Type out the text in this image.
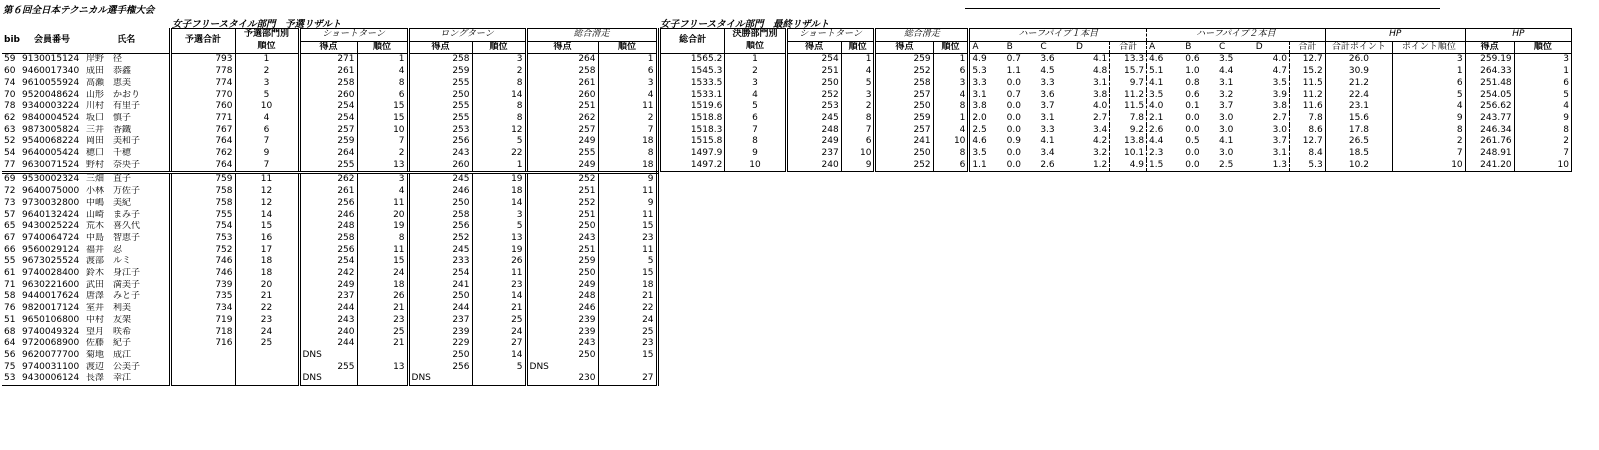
第６回全日本テクニカル選手権大会
女子フリースタイル部門　予選リザルト	女子フリースタイル部門　最終リザルト
bib	会員番号	氏名	予選合計	予選部門別	ショートターン		ロングターン		総合滑走	
				順位	得点	順位	得点	順位	得点	順位
59	9130015124	岸野　径	793	1	271	1	258	3	264	1
60	9460017340	成田　恭鑫	778	2	261	4	259	2	258	6
74	9610055924	高瀬　恵美	774	3	258	8	255	8	261	3
70	9520048624	山形　かおり	770	5	260	6	250	14	260	4
78	9340003224	川村　有里子	760	10	254	15	255	8	251	11
62	9840004524	坂口　慎子	771	4	254	15	255	8	262	2
63	9873005824	三井　香鐵	767	6	257	10	253	12	257	7
52	9540068224	岡田　美和子	764	7	259	7	256	5	249	18
54	9640005424	穂口　千穂	762	9	264	2	243	22	255	8
77	9630071524	野村　奈央子	764	7	255	13	260	1	249	18
69	9530002324	三畑　直子	759	11	262	3	245	19	252	9
72	9640075000	小林　万佐子	758	12	261	4	246	18	251	11
73	9730032800	中嶋　美紀	758	12	256	11	250	14	252	9
57	9640132424	山崎　まみ子	755	14	246	20	258	3	251	11
65	9430025224	荒木　喜久代	754	15	248	19	256	5	250	15
67	9740064724	中島　智恵子	753	16	258	8	252	13	243	23
66	9560029124	福井　忍	752	17	256	11	245	19	251	11
55	9673025524	渡部　ルミ	746	18	254	15	233	26	259	5
61	9740028400	鈴木　身江子	746	18	242	24	254	11	250	15
71	9630221600	武田　満美子	739	20	249	18	241	23	249	18
58	9440017624	唐澤　みと子	735	21	237	26	250	14	248	21
76	9820017124	室井　利美	734	22	244	21	244	21	246	22
51	9650106800	中村　友架	719	23	243	23	237	25	239	24
68	9740049324	望月　咲希	718	24	240	25	239	24	239	25
64	9720068900	佐藤　紀子	716	25	244	21	229	27	243	23
56	9620077700	菊地　成江			DNS		250	14	250	15
75	9740031100	渡辺　公美子			255	13	256	5	DNS	
53	9430006124	長澤　幸江			DNS		DNS		230	27
総合計	決勝部門別	ショートターン		総合滑走		ハーフパイプ１本目					ハーフパイプ２本目					HP		HP	
	順位	得点	順位	得点	順位	A	B	C	D	合計	A	B	C	D	合計	合計ポイント	ポイント順位	得点	順位
1565.2	1	254	1	259	1	4.9	0.7	3.6	4.1	13.3	4.6	0.6	3.5	4.0	12.7	26.0	3	259.19	3
1545.3	2	251	4	252	6	5.3	1.1	4.5	4.8	15.7	5.1	1.0	4.4	4.7	15.2	30.9	1	264.33	1
1533.5	3	250	5	258	3	3.3	0.0	3.3	3.1	9.7	4.1	0.8	3.1	3.5	11.5	21.2	6	251.48	6
1533.1	4	252	3	257	4	3.1	0.7	3.6	3.8	11.2	3.5	0.6	3.2	3.9	11.2	22.4	5	254.05	5
1519.6	5	253	2	250	8	3.8	0.0	3.7	4.0	11.5	4.0	0.1	3.7	3.8	11.6	23.1	4	256.62	4
1518.8	6	245	8	259	1	2.0	0.0	3.1	2.7	7.8	2.1	0.0	3.0	2.7	7.8	15.6	9	243.77	9
1518.3	7	248	7	257	4	2.5	0.0	3.3	3.4	9.2	2.6	0.0	3.0	3.0	8.6	17.8	8	246.34	8
1515.8	8	249	6	241	10	4.6	0.9	4.1	4.2	13.8	4.4	0.5	4.1	3.7	12.7	26.5	2	261.76	2
1497.9	9	237	10	250	8	3.5	0.0	3.4	3.2	10.1	2.3	0.0	3.0	3.1	8.4	18.5	7	248.91	7
1497.2	10	240	9	252	6	1.1	0.0	2.6	1.2	4.9	1.5	0.0	2.5	1.3	5.3	10.2	10	241.20	10
